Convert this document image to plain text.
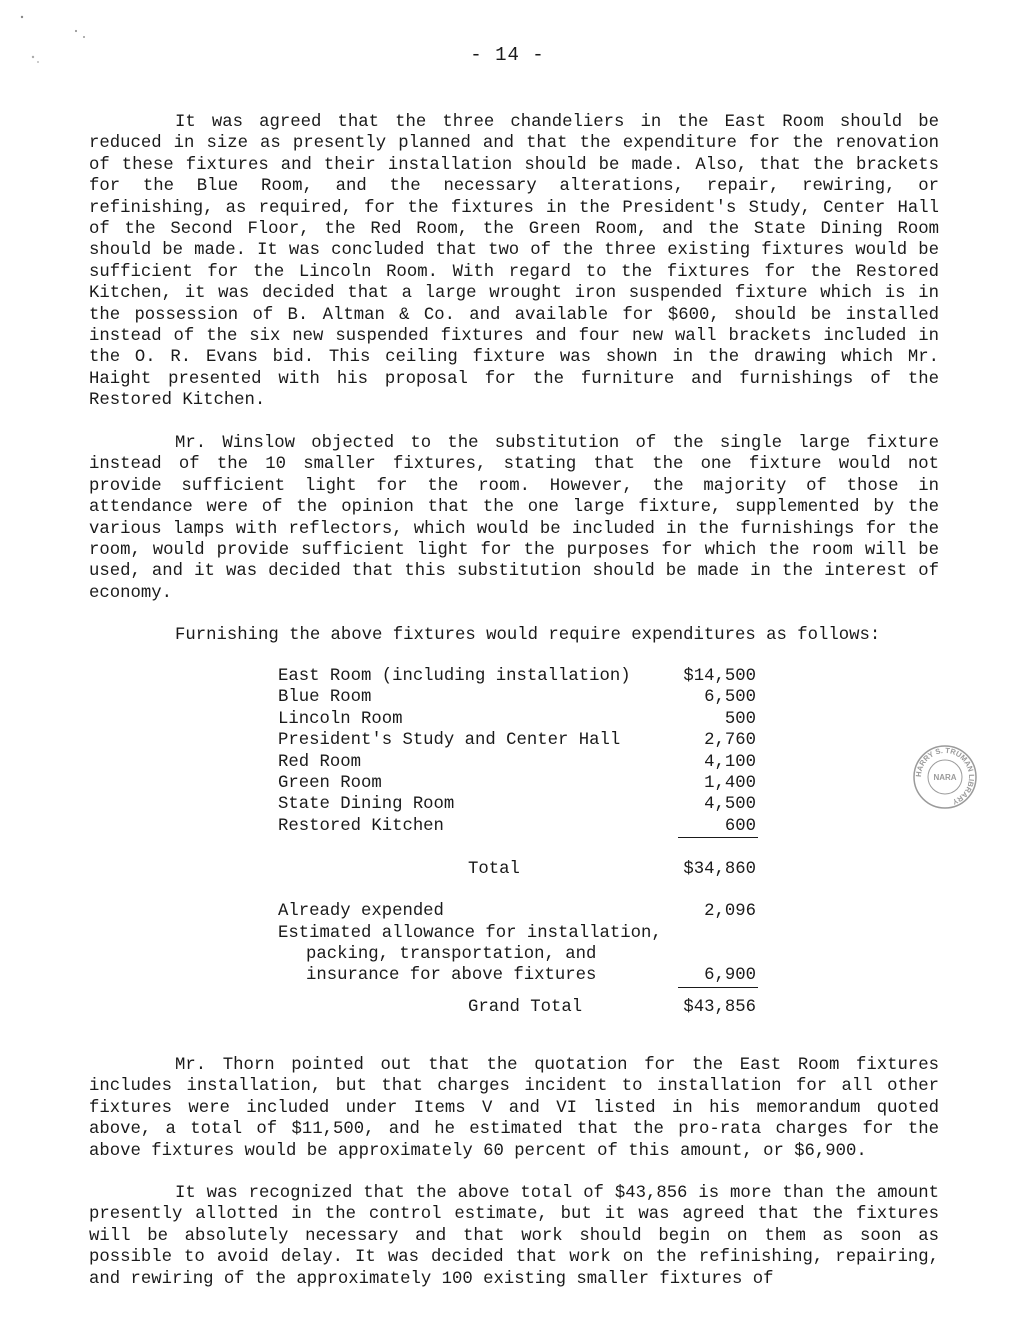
- 14 -

It was agreed that the three chandeliers in the East Room should be reduced in size as presently planned and that the expenditure for the renovation of these fixtures and their installation should be made. Also, that the brackets for the Blue Room, and the necessary alterations, repair, rewiring, or refinishing, as required, for the fixtures in the President's Study, Center Hall of the Second Floor, the Red Room, the Green Room, and the State Dining Room should be made. It was concluded that two of the three existing fixtures would be sufficient for the Lincoln Room. With regard to the fixtures for the Restored Kitchen, it was decided that a large wrought iron suspended fixture which is in the possession of B. Altman & Co. and available for $600, should be installed instead of the six new suspended fixtures and four new wall brackets included in the O. R. Evans bid. This ceiling fixture was shown in the drawing which Mr. Haight presented with his proposal for the furniture and furnishings of the Restored Kitchen.

Mr. Winslow objected to the substitution of the single large fixture instead of the 10 smaller fixtures, stating that the one fixture would not provide sufficient light for the room. However, the majority of those in attendance were of the opinion that the one large fixture, supplemented by the various lamps with reflectors, which would be included in the furnishings for the room, would provide sufficient light for the purposes for which the room will be used, and it was decided that this substitution should be made in the interest of economy.

Furnishing the above fixtures would require expenditures as follows:

East Room (including installation)	$14,500
Blue Room	6,500
Lincoln Room	500
President's Study and Center Hall	2,760
Red Room	4,100
Green Room	1,400
State Dining Room	4,500
Restored Kitchen	600
Total	$34,860
Already expended	2,096
Estimated allowance for installation,
packing, transportation, and
insurance for above fixtures	6,900
Grand Total	$43,856

Mr. Thorn pointed out that the quotation for the East Room fixtures includes installation, but that charges incident to installation for all other fixtures were included under Items V and VI listed in his memorandum quoted above, a total of $11,500, and he estimated that the pro-rata charges for the above fixtures would be approximately 60 percent of this amount, or $6,900.

It was recognized that the above total of $43,856 is more than the amount presently allotted in the control estimate, but it was agreed that the fixtures will be absolutely necessary and that work should begin on them as soon as possible to avoid delay. It was decided that work on the refinishing, repairing, and rewiring of the approximately 100 existing smaller fixtures of

HARRY S. TRUMAN LIBRARY
NARA
